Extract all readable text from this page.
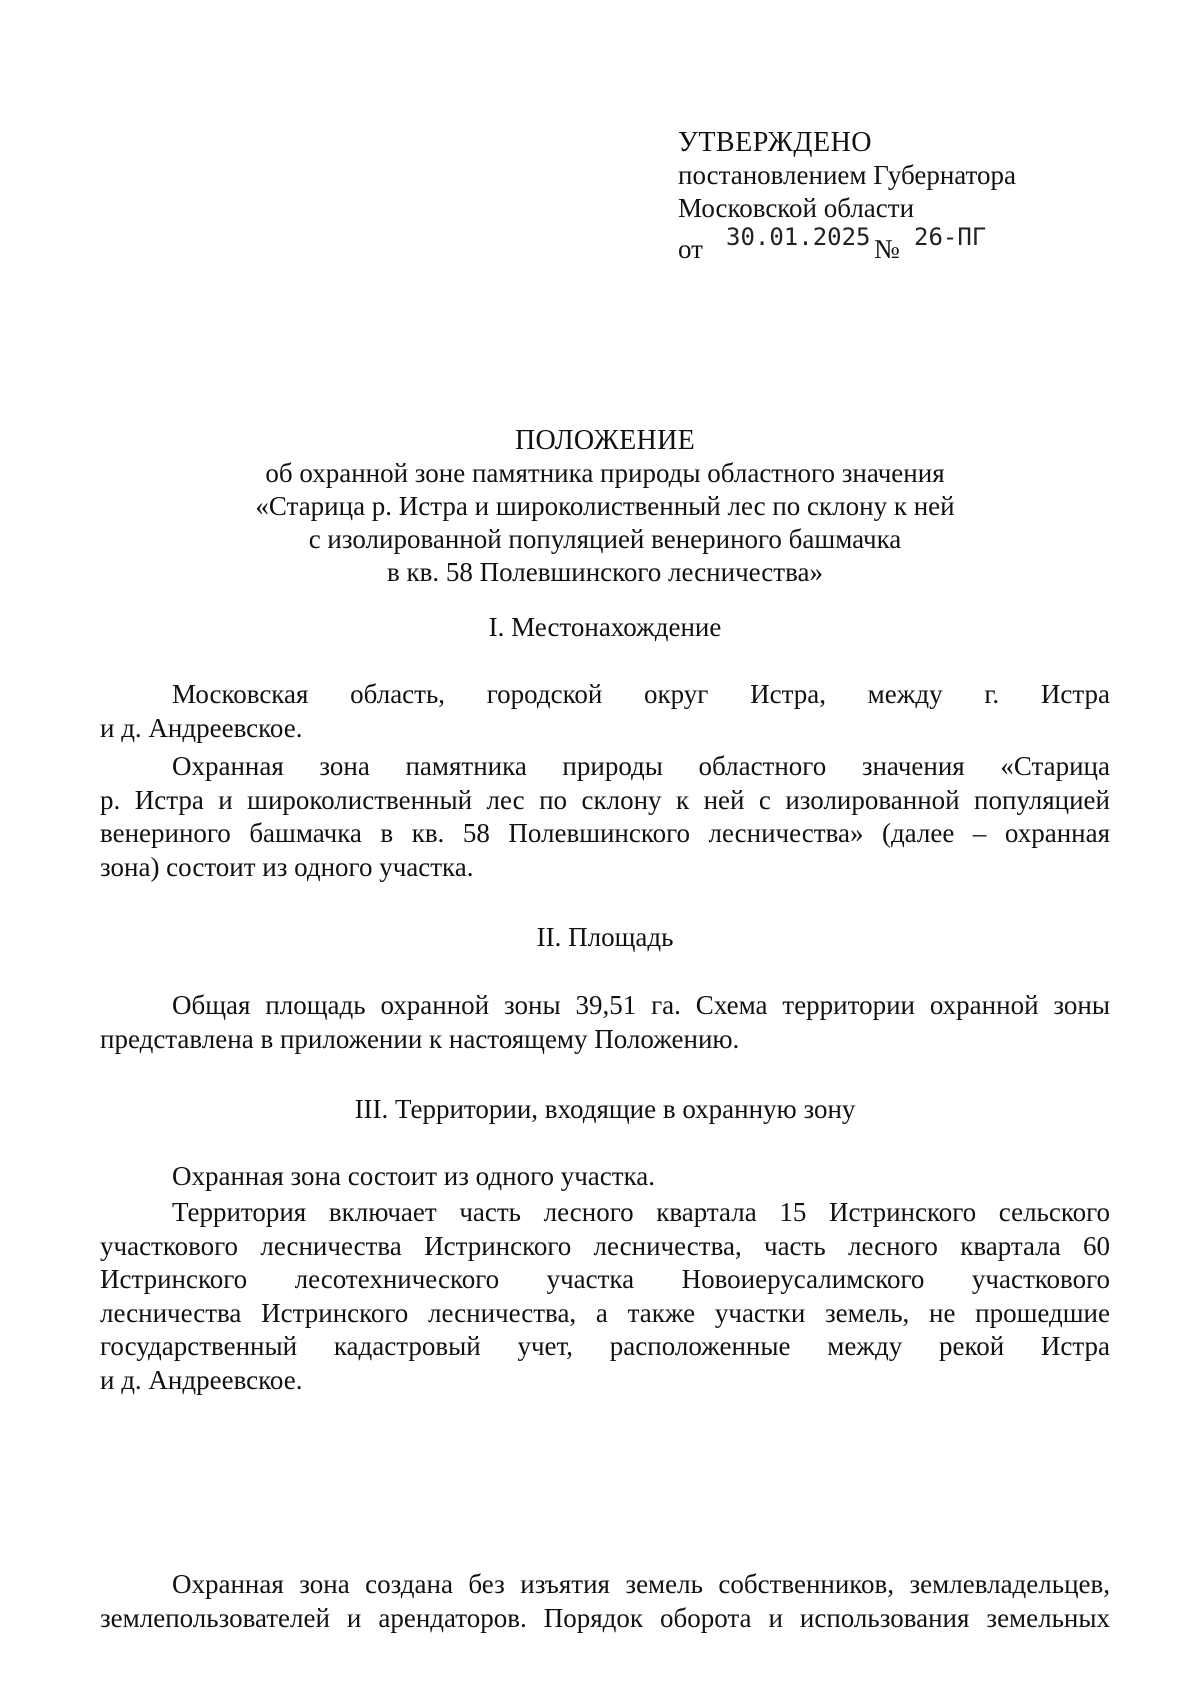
УТВЕРЖДЕНО
постановлением Губернатора
Московской области
от 30.01.2025 № 26-ПГ
ПОЛОЖЕНИЕ
об охранной зоне памятника природы областного значения
«Старица р. Истра и широколиственный лес по склону к ней
с изолированной популяцией венериного башмачка
в кв. 58 Полевшинского лесничества»
I. Местонахождение
Московская область, городской округ Истра, между г. Истра
и д. Андреевское.
Охранная зона памятника природы областного значения «Старица
р. Истра и широколиственный лес по склону к ней с изолированной популяцией
венериного башмачка в кв. 58 Полевшинского лесничества» (далее – охранная
зона) состоит из одного участка.
II. Площадь
Общая площадь охранной зоны 39,51 га. Схема территории охранной зоны
представлена в приложении к настоящему Положению.
III. Территории, входящие в охранную зону
Охранная зона состоит из одного участка.
Территория включает часть лесного квартала 15 Истринского сельского
участкового лесничества Истринского лесничества, часть лесного квартала 60
Истринского лесотехнического участка Новоиерусалимского участкового
лесничества Истринского лесничества, а также участки земель, не прошедшие
государственный кадастровый учет, расположенные между рекой Истра
и д. Андреевское.
Охранная зона создана без изъятия земель собственников, землевладельцев,
землепользователей и арендаторов. Порядок оборота и использования земельных
